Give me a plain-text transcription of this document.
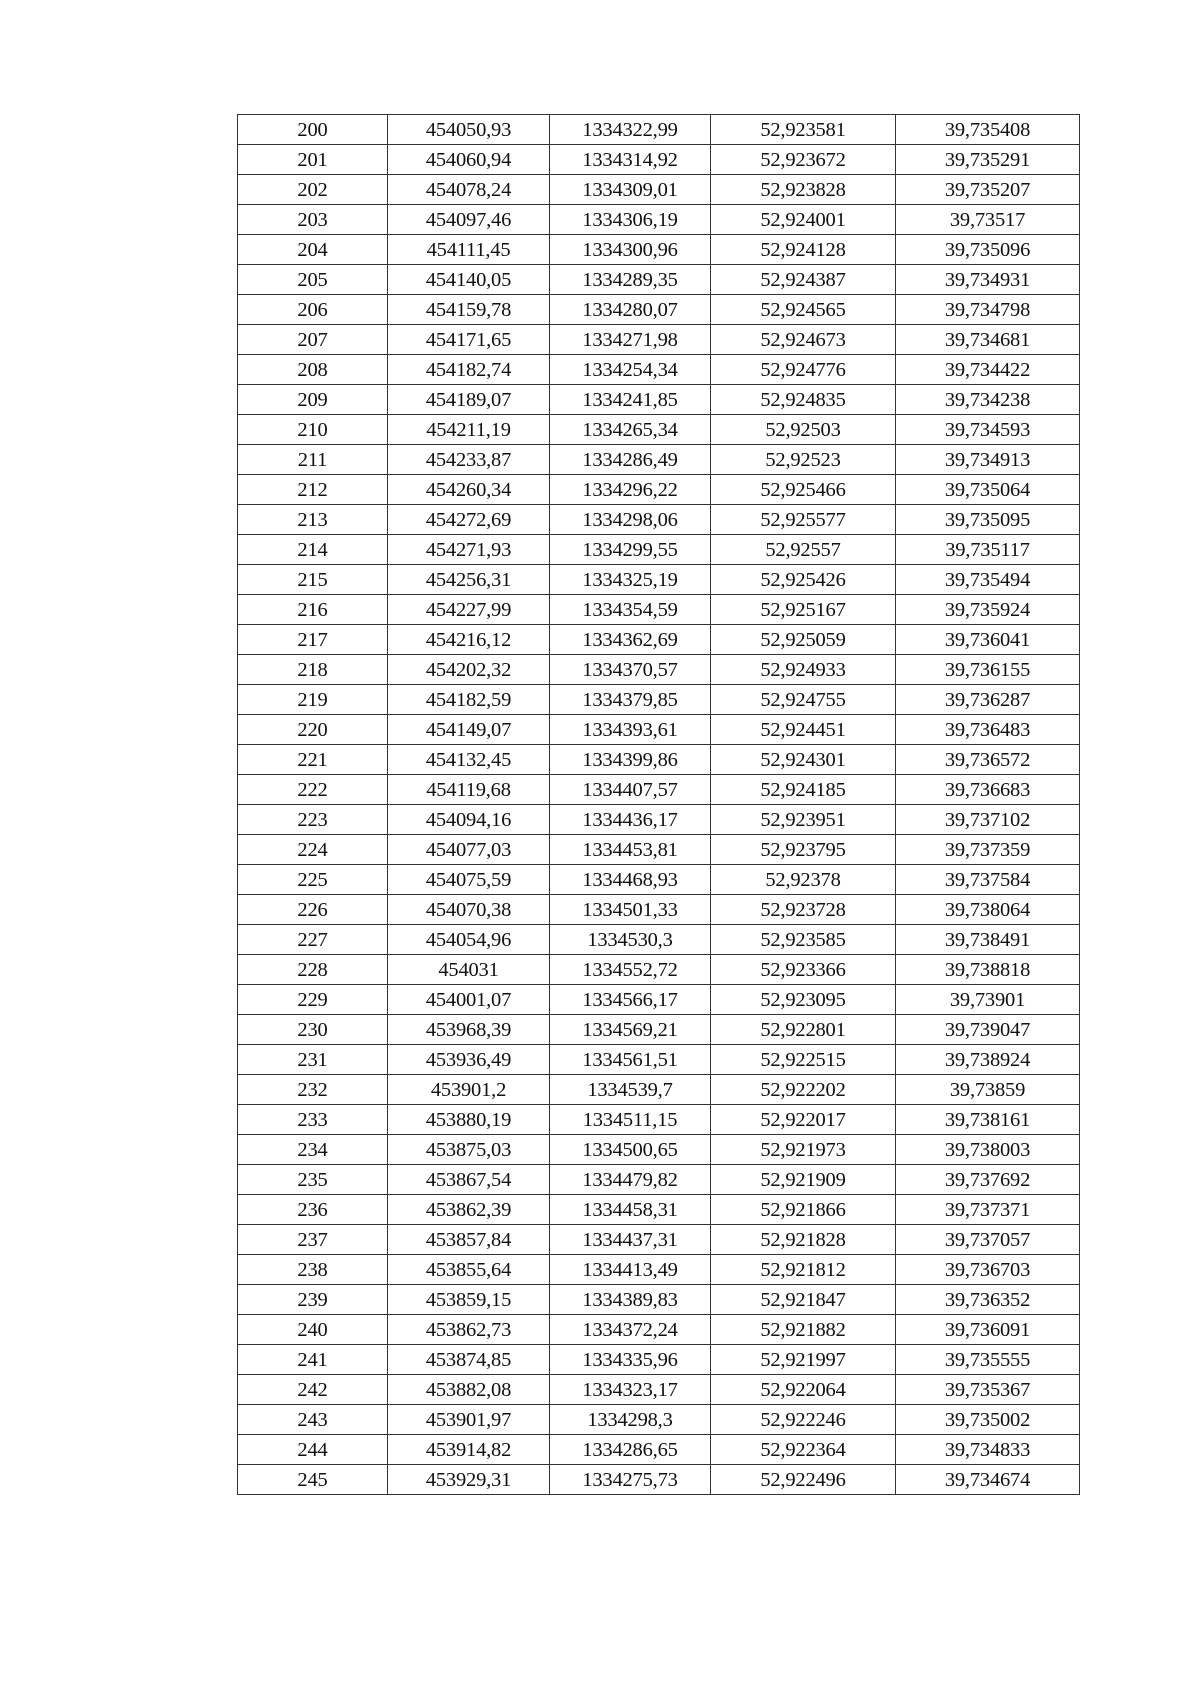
200	454050,93	1334322,99	52,923581	39,735408
201	454060,94	1334314,92	52,923672	39,735291
202	454078,24	1334309,01	52,923828	39,735207
203	454097,46	1334306,19	52,924001	39,73517
204	454111,45	1334300,96	52,924128	39,735096
205	454140,05	1334289,35	52,924387	39,734931
206	454159,78	1334280,07	52,924565	39,734798
207	454171,65	1334271,98	52,924673	39,734681
208	454182,74	1334254,34	52,924776	39,734422
209	454189,07	1334241,85	52,924835	39,734238
210	454211,19	1334265,34	52,92503	39,734593
211	454233,87	1334286,49	52,92523	39,734913
212	454260,34	1334296,22	52,925466	39,735064
213	454272,69	1334298,06	52,925577	39,735095
214	454271,93	1334299,55	52,92557	39,735117
215	454256,31	1334325,19	52,925426	39,735494
216	454227,99	1334354,59	52,925167	39,735924
217	454216,12	1334362,69	52,925059	39,736041
218	454202,32	1334370,57	52,924933	39,736155
219	454182,59	1334379,85	52,924755	39,736287
220	454149,07	1334393,61	52,924451	39,736483
221	454132,45	1334399,86	52,924301	39,736572
222	454119,68	1334407,57	52,924185	39,736683
223	454094,16	1334436,17	52,923951	39,737102
224	454077,03	1334453,81	52,923795	39,737359
225	454075,59	1334468,93	52,92378	39,737584
226	454070,38	1334501,33	52,923728	39,738064
227	454054,96	1334530,3	52,923585	39,738491
228	454031	1334552,72	52,923366	39,738818
229	454001,07	1334566,17	52,923095	39,73901
230	453968,39	1334569,21	52,922801	39,739047
231	453936,49	1334561,51	52,922515	39,738924
232	453901,2	1334539,7	52,922202	39,73859
233	453880,19	1334511,15	52,922017	39,738161
234	453875,03	1334500,65	52,921973	39,738003
235	453867,54	1334479,82	52,921909	39,737692
236	453862,39	1334458,31	52,921866	39,737371
237	453857,84	1334437,31	52,921828	39,737057
238	453855,64	1334413,49	52,921812	39,736703
239	453859,15	1334389,83	52,921847	39,736352
240	453862,73	1334372,24	52,921882	39,736091
241	453874,85	1334335,96	52,921997	39,735555
242	453882,08	1334323,17	52,922064	39,735367
243	453901,97	1334298,3	52,922246	39,735002
244	453914,82	1334286,65	52,922364	39,734833
245	453929,31	1334275,73	52,922496	39,734674
